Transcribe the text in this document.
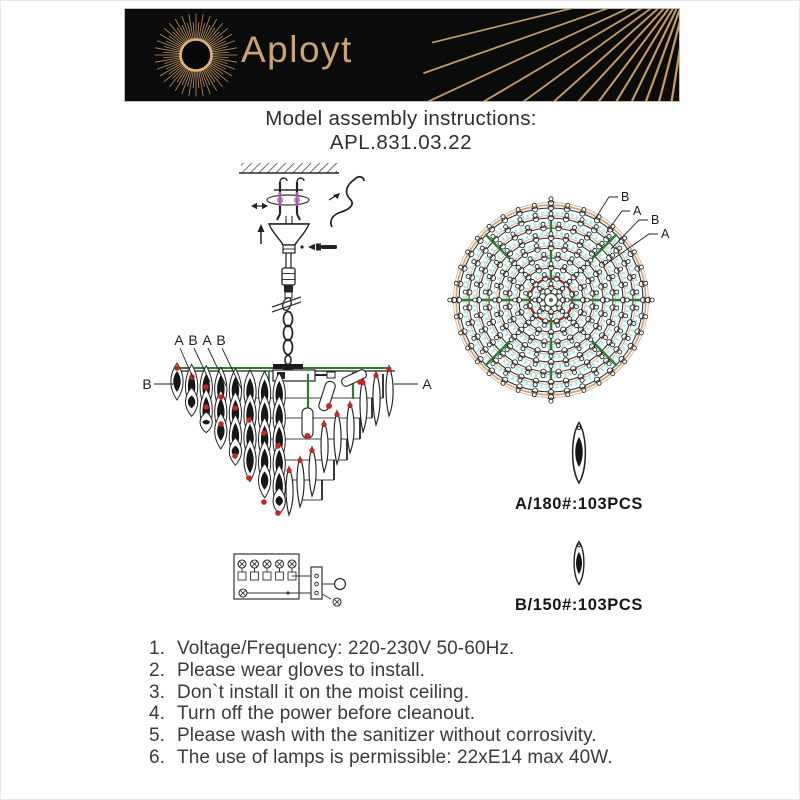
Aployt
Model assembly instructions:
APL.831.03.22
A B A B
B	A
B
A
B
A
A/180#:103PCS
B/150#:103PCS
1. Voltage/Frequency: 220-230V 50-60Hz.
2. Please wear gloves to install.
3. Don`t install it on the moist ceiling.
4. Turn off the power before cleanout.
5. Please wash with the sanitizer without corrosivity.
6. The use of lamps is permissible: 22xE14 max 40W.
